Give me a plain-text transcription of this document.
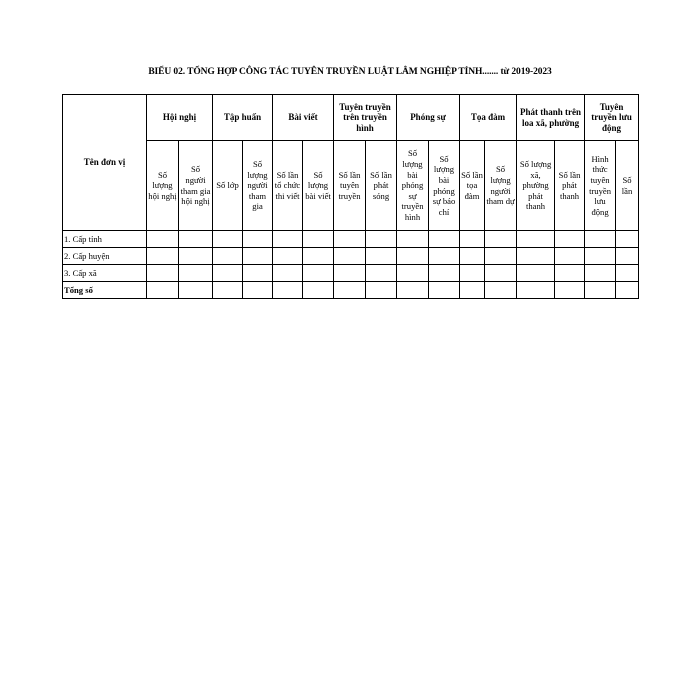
BIỂU 02. TỔNG HỢP CÔNG TÁC TUYÊN TRUYỀN LUẬT LÂM NGHIỆP TỈNH....... từ 2019-2023
Tên đơn vị	Hội nghị		Tập huấn		Bài viết		Tuyên truyền trên truyền hình		Phóng sự		Tọa đàm		Phát thanh trên loa xã, phường		Tuyên truyền lưu động	
	Số lượng hội nghị	Số người tham gia hội nghị	Số lớp	Số lượng người tham gia	Số lần tổ chức thi viết	Số lượng bài viết	Số lần tuyên truyền	Số lần phát sóng	Số lượng bài phóng sự truyền hình	Số lượng bài phóng sự báo chí	Số lần tọa đàm	Số lượng người tham dự	Số lượng xã, phường phát thanh	Số lần phát thanh	Hình thức tuyên truyền lưu động	Số lần
1. Cấp tỉnh																
2. Cấp huyện																
3. Cấp xã																
Tổng số																
